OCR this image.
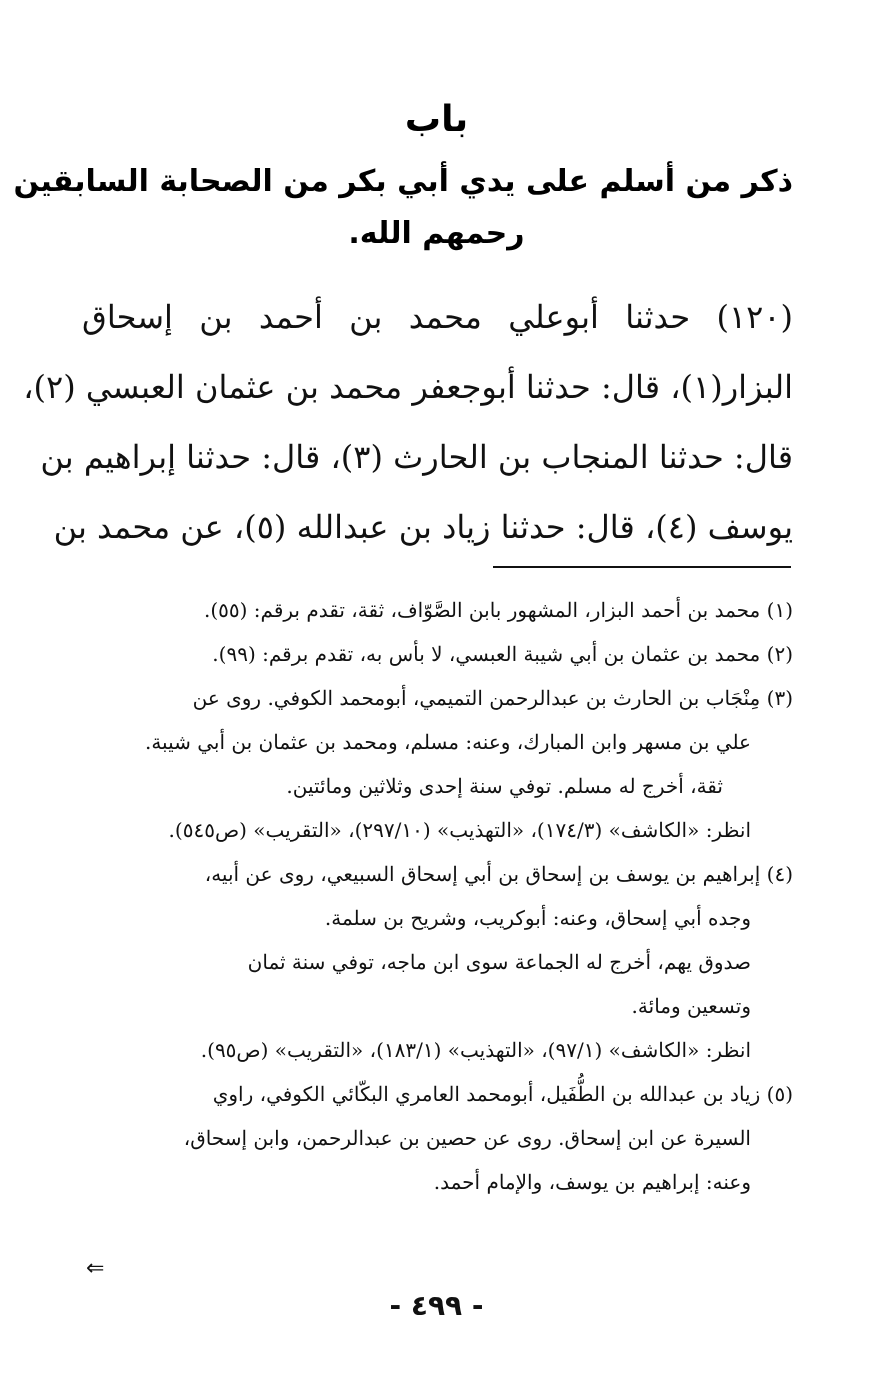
باب
ذكر من أسلم على يدي أبي بكر من الصحابة السابقين
رحمهم الله.
(١٢٠) حدثنا أبوعلي محمد بن أحمد بن إسحاق
البزار(١)، قال: حدثنا أبوجعفر محمد بن عثمان العبسي (٢)،
قال: حدثنا المنجاب بن الحارث (٣)، قال: حدثنا إبراهيم بن
يوسف (٤)، قال: حدثنا زياد بن عبدالله (٥)، عن محمد بن
(١) محمد بن أحمد البزار، المشهور بابن الصَّوّاف، ثقة، تقدم برقم: (٥٥).
(٢) محمد بن عثمان بن أبي شيبة العبسي، لا بأس به، تقدم برقم: (٩٩).
(٣) مِنْجَاب بن الحارث بن عبدالرحمن التميمي، أبومحمد الكوفي. روى عن
علي بن مسهر وابن المبارك، وعنه: مسلم، ومحمد بن عثمان بن أبي شيبة.
ثقة، أخرج له مسلم. توفي سنة إحدى وثلاثين ومائتين.
انظر: «الكاشف» (١٧٤/٣)، «التهذيب» (٢٩٧/١٠)، «التقريب» (ص٥٤٥).
(٤) إبراهيم بن يوسف بن إسحاق بن أبي إسحاق السبيعي، روى عن أبيه،
وجده أبي إسحاق، وعنه: أبوكريب، وشريح بن سلمة.
صدوق يهم، أخرج له الجماعة سوى ابن ماجه، توفي سنة ثمان
وتسعين ومائة.
انظر: «الكاشف» (٩٧/١)، «التهذيب» (١٨٣/١)، «التقريب» (ص٩٥).
(٥) زياد بن عبدالله بن الطُّفَيل، أبومحمد العامري البكّائي الكوفي، راوي
السيرة عن ابن إسحاق. روى عن حصين بن عبدالرحمن، وابن إسحاق،
وعنه: إبراهيم بن يوسف، والإمام أحمد.
⇐
- ٤٩٩ -
